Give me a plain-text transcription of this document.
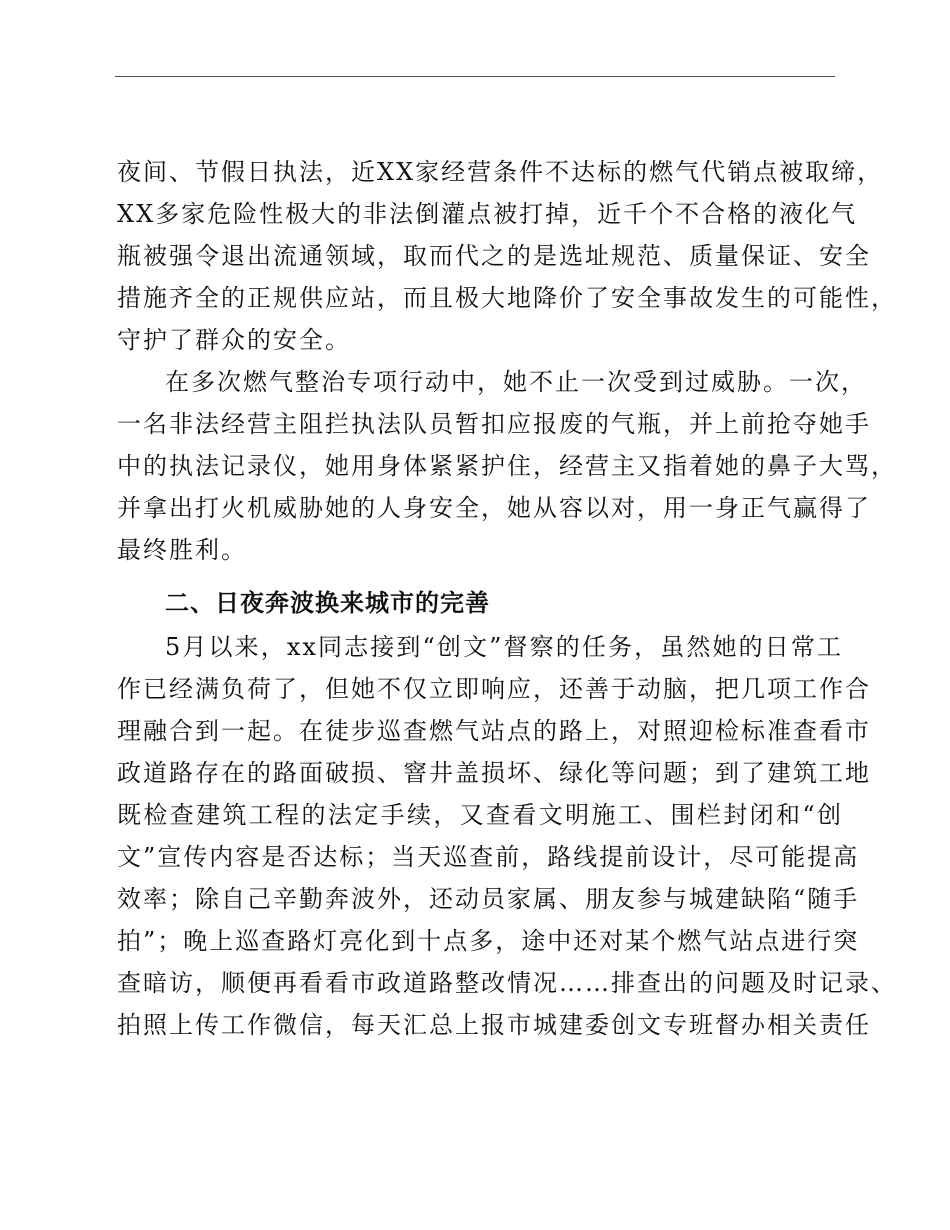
夜间、节假日执法，近XX家经营条件不达标的燃气代销点被取缔，
XX多家危险性极大的非法倒灌点被打掉，近千个不合格的液化气
瓶被强令退出流通领域，取而代之的是选址规范、质量保证、安全
措施齐全的正规供应站，而且极大地降价了安全事故发生的可能性，
守护了群众的安全。
在多次燃气整治专项行动中，她不止一次受到过威胁。一次，
一名非法经营主阻拦执法队员暂扣应报废的气瓶，并上前抢夺她手
中的执法记录仪，她用身体紧紧护住，经营主又指着她的鼻子大骂，
并拿出打火机威胁她的人身安全，她从容以对，用一身正气赢得了
最终胜利。
二、日夜奔波换来城市的完善
5月以来，xx同志接到“创文”督察的任务，虽然她的日常工
作已经满负荷了，但她不仅立即响应，还善于动脑，把几项工作合
理融合到一起。在徒步巡查燃气站点的路上，对照迎检标准查看市
政道路存在的路面破损、窨井盖损坏、绿化等问题；到了建筑工地
既检查建筑工程的法定手续，又查看文明施工、围栏封闭和“创
文”宣传内容是否达标；当天巡查前，路线提前设计，尽可能提高
效率；除自己辛勤奔波外，还动员家属、朋友参与城建缺陷“随手
拍”；晚上巡查路灯亮化到十点多，途中还对某个燃气站点进行突
查暗访，顺便再看看市政道路整改情况……排查出的问题及时记录、
拍照上传工作微信，每天汇总上报市城建委创文专班督办相关责任
